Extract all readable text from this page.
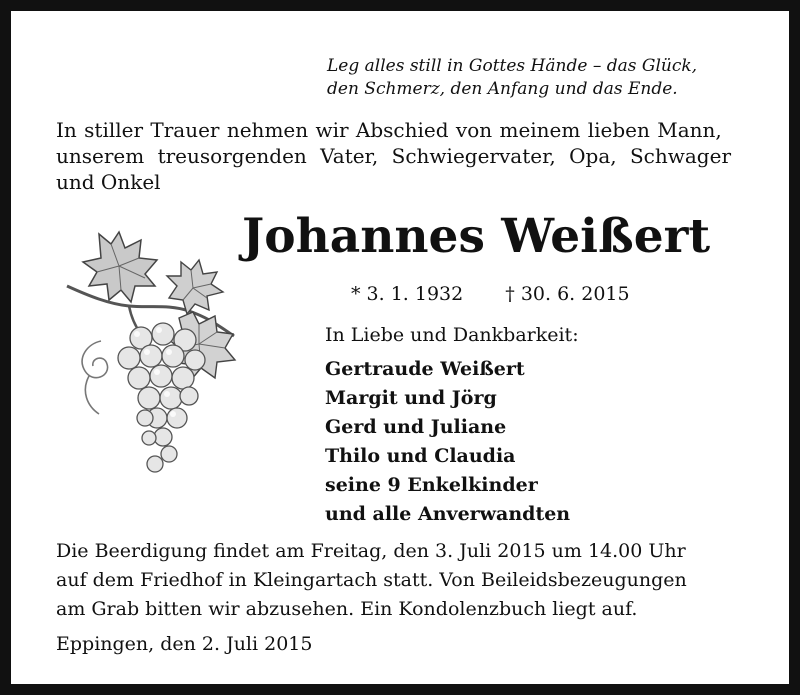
Leg alles still in Gottes Hände – das Glück,
den Schmerz, den Anfang und das Ende.
In stiller Trauer nehmen wir Abschied von meinem lieben Mann,
unserem treusorgenden Vater, Schwiegervater, Opa, Schwager
und Onkel
Johannes Weißert
* 3. 1. 1932 † 30. 6. 2015
In Liebe und Dankbarkeit:
Gertraude Weißert
Margit und Jörg
Gerd und Juliane
Thilo und Claudia
seine 9 Enkelkinder
und alle Anverwandten
Die Beerdigung findet am Freitag, den 3. Juli 2015 um 14.00 Uhr
auf dem Friedhof in Kleingartach statt. Von Beileidsbezeugungen
am Grab bitten wir abzusehen. Ein Kondolenzbuch liegt auf.
Eppingen, den 2. Juli 2015
